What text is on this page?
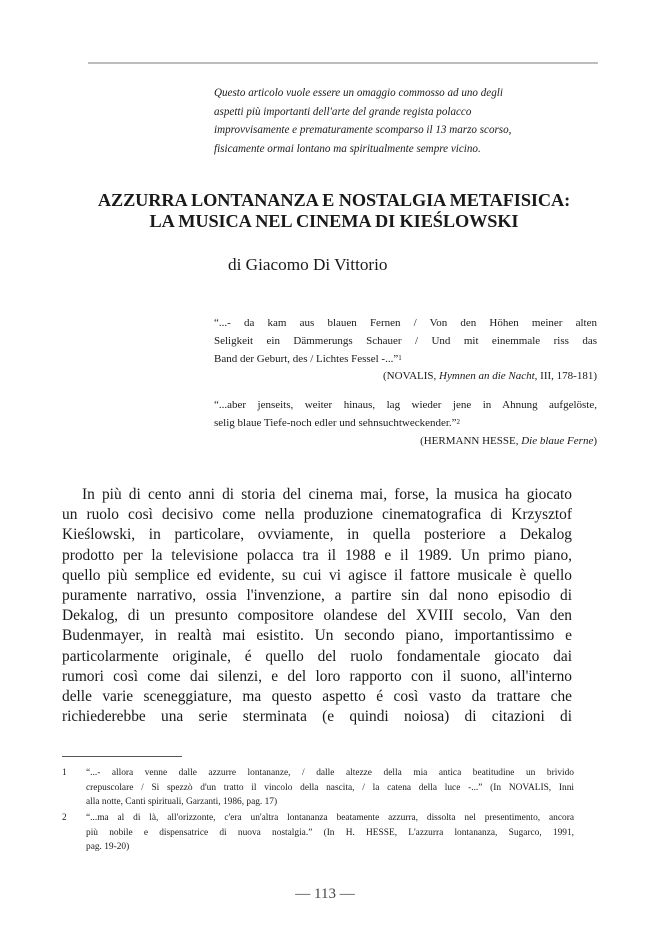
Questo articolo vuole essere un omaggio commosso ad uno degli
aspetti più importanti dell'arte del grande regista polacco
improvvisamente e prematuramente scomparso il 13 marzo scorso,
fisicamente ormai lontano ma spiritualmente sempre vicino.
AZZURRA LONTANANZA E NOSTALGIA METAFISICA:
LA MUSICA NEL CINEMA DI KIEŚLOWSKI
di Giacomo Di Vittorio
“...- da kam aus blauen Fernen / Von den Höhen meiner alten
Seligkeit ein Dämmerungs Schauer / Und mit einemmale riss das
Band der Geburt, des / Lichtes Fessel -...”$^1$
(NOVALIS, Hymnen an die Nacht, III, 178-181)
“...aber jenseits, weiter hinaus, lag wieder jene in Ahnung aufgelöste,
selig blaue Tiefe-noch edler und sehnsuchtweckender.”$^2$
(HERMANN HESSE, Die blaue Ferne)
In più di cento anni di storia del cinema mai, forse, la musica ha giocato
un ruolo così decisivo come nella produzione cinematografica di Krzysztof
Kieślowski, in particolare, ovviamente, in quella posteriore a Dekalog
prodotto per la televisione polacca tra il 1988 e il 1989. Un primo piano,
quello più semplice ed evidente, su cui vi agisce il fattore musicale è quello
puramente narrativo, ossia l'invenzione, a partire sin dal nono episodio di
Dekalog, di un presunto compositore olandese del XVIII secolo, Van den
Budenmayer, in realtà mai esistito. Un secondo piano, importantissimo e
particolarmente originale, é quello del ruolo fondamentale giocato dai
rumori così come dai silenzi, e del loro rapporto con il suono, all'interno
delle varie sceneggiature, ma questo aspetto é così vasto da trattare che
richiederebbe una serie sterminata (e quindi noiosa) di citazioni di
1 “...- allora venne dalle azzurre lontananze, / dalle altezze della mia antica beatitudine un brivido
crepuscolare / Si spezzò d'un tratto il vincolo della nascita, / la catena della luce -...” (In NOVALIS, Inni
alla notte, Canti spirituali, Garzanti, 1986, pag. 17)
2 “...ma al di là, all'orizzonte, c'era un'altra lontananza beatamente azzurra, dissolta nel presentimento, ancora
più nobile e dispensatrice di nuova nostalgia.” (In H. HESSE, L'azzurra lontananza, Sugarco, 1991,
pag. 19-20)
— 113 —
